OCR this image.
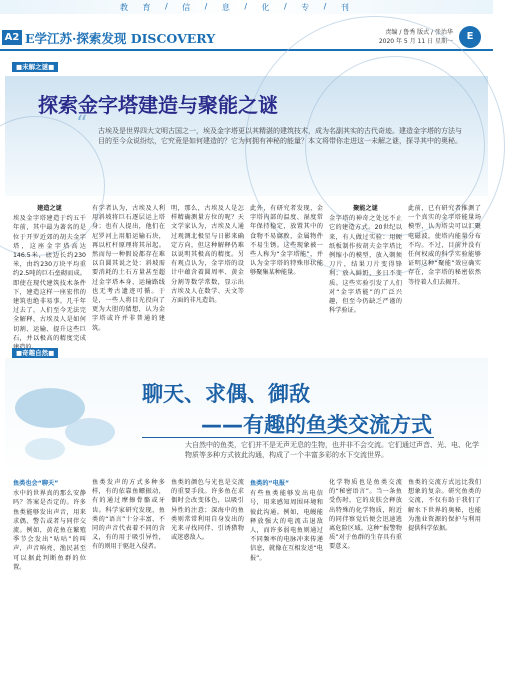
教 育 / 信 / 息 / 化 / 专 / 刊
A2 E学江苏·探索发现 DISCOVERY	责编 / 鲁秀 版式 / 张治华
2020 年 5 月 11 日 星期一	E
■未解之谜■
探索金字塔建造与聚能之谜
“ 古埃及是世界四大文明古国之一，埃及金字塔更以其精湛的建筑技术，成为名副其实的古代奇迹。建造金字塔的方法与目的至今众说纷纭，它究竟是如何建造的？它为何拥有神秘的能量？本文将带你走进这一未解之谜，探寻其中的奥秘。
建造之谜

埃及金字塔建造于约五千年前，其中最为著名的是位于开罗近郊的胡夫金字塔，这座金字塔高达146.5米，底边长约230米，由约230万块平均重约2.5吨的巨石垒砌而成。即使在现代建筑技术条件下，建造这样一座宏伟的建筑也绝非易事。几千年过去了，人们至今无法完全解释，古埃及人是如何切割、运输、提升这些巨石，并以极高的精度完成

有学者认为，古埃及人利用斜坡将巨石逐层运上塔身；也有人提出，他们在尼罗河上用船运输石块，再以杠杆原理将其吊起。然而每一种假说都存在难以自圆其说之处：斜坡需要消耗的土石方量甚至超过金字塔本身，运输路线也无考古遗迹可循。于是，一些人将目光投向了更为大胆的猜想，认为金字塔或许并非普通的建筑。

明，那么，古埃及人是怎样精确测量方位的呢？天文学家认为，古埃及人通过观测北极星与日影来确定方向，但这种解释仍难以说明其极高的精度。另有观点认为，金字塔的设计中蕴含着圆周率、黄金分割等数学常数，显示出古埃及人在数学、天文等方面的非凡造诣。

此外，有研究者发现，金字塔内部的温度、湿度常年保持稳定，放置其中的食物不易腐败，金属物件不易生锈。这些现象被一些人称为“金字塔能”，并认为金字塔的特殊形状能够聚集某种能量。

聚能之谜

金字塔的神奇之处远不止它的建造方式。20世纪以来，有人做过实验：用硬纸板制作按胡夫金字塔比例缩小的模型，放入剃须刀片，结果刀片变得锋利；放入鲜奶，多日不变质。这些实验引发了人们对“金字塔能”的广泛兴趣，但至今仍缺乏严谨的科学验证。

此前，已有研究者推测了一个真实的金字塔能量场模型，认为塔尖可以汇聚电磁波，使塔内能量分布不均。不过，目前并没有任何权威的科学实验能够证明这种“聚能”效应确实存在，金字塔的秘密依然等待着人们去揭开。

■奇趣自然■
聊天、求偶、御敌
——有趣的鱼类交流方式
大自然中的鱼类，它们并不是无声无息的生物，也并非不会交流。它们通过声音、光、电、化学物质等多种方式彼此沟通，构成了一个丰富多彩的水下交流世界。
鱼类也会“聊天”

水中的世界真的那么安静吗？答案是否定的。许多鱼类能够发出声音，用来求偶、警告或者与同伴交流。例如，黄花鱼在繁殖季节会发出“咕咕”的叫声，声音响亮，渔民甚至可以据此判断鱼群的位置。

鱼类发声的方式多种多样，有的依靠鱼鳔振动，有的通过摩擦骨骼或牙齿。科学家研究发现，鱼类的“语言”十分丰富，不同的声音代表着不同的含义，有的用于吸引异性，有的则用于驱赶入侵者。

鱼类的颜色与光也是交流的重要手段。许多鱼在求偶时会改变体色，以吸引异性的注意；深海中的鱼类则常常利用自身发出的光来寻找同伴、引诱猎物或迷惑敌人。

鱼类的“电报”

有些鱼类能够发出电信号，用来感知周围环境和彼此沟通。例如，电鳗能释放强大的电流击退敌人，而许多弱电鱼则通过不同频率的电脉冲来传递信息，就像在互相发送“电报”。

化学物质也是鱼类交流的“秘密语言”。当一条鱼受伤时，它的皮肤会释放出特殊的化学物质，附近的同伴察觉后便会迅速逃离危险区域。这种“报警物质”对于鱼群的生存具有重要意义。

鱼类的交流方式远比我们想象的复杂。研究鱼类的交流，不仅有助于我们了解水下世界的奥秘，也能为渔业资源的保护与利用提供科学依据。
